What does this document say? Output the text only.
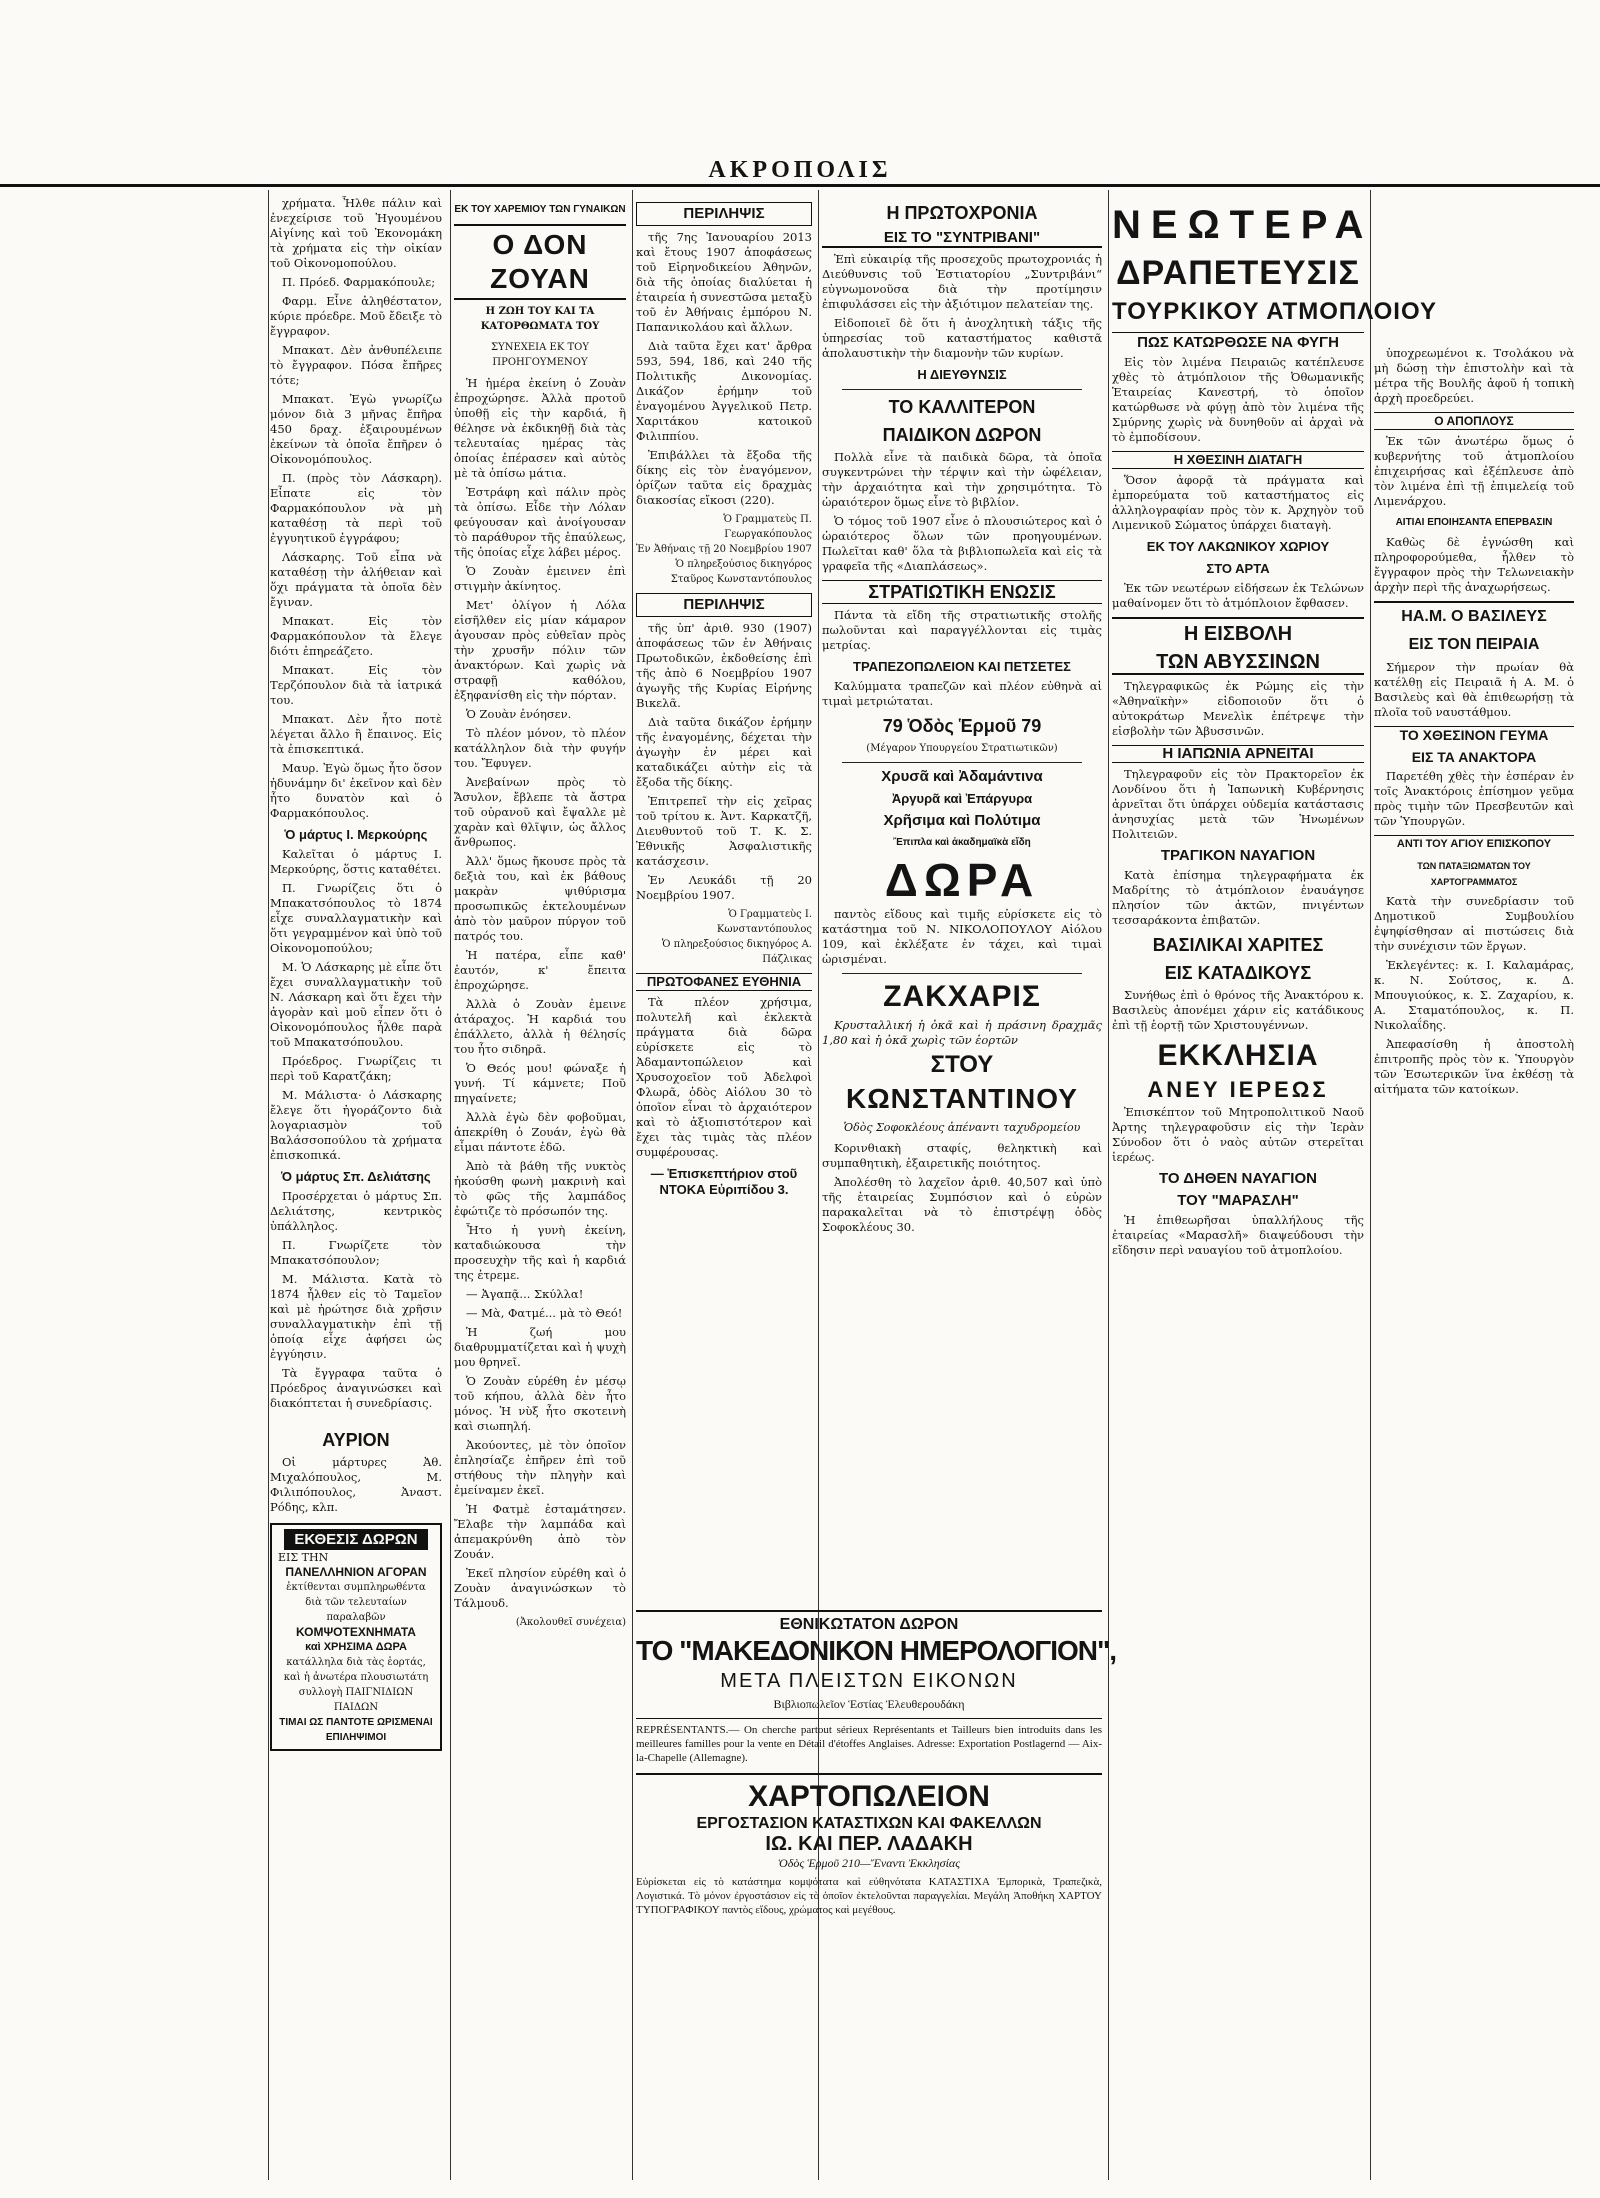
ΑΚΡΟΠΟΛΙΣ

χρήματα. Ἦλθε πάλιν καὶ ἐνεχείρισε τοῦ Ἡγουμένου Αἰγίνης καὶ τοῦ Ἐκονομάκη τὰ χρήματα εἰς τὴν οἰκίαν τοῦ Οἰκονομοπούλου.

Π. Πρόεδ. Φαρμακόπουλε;

Φαρμ. Εἶνε ἀληθέστατον, κύριε πρόεδρε. Μοῦ ἔδειξε τὸ ἔγγραφον.

Μπακατ. Δὲν ἀνθυπέλειπε τὸ ἔγγραφον. Πόσα ἔπῆρες τότε;

Μπακατ. Ἐγὼ γνωρίζω μόνον διὰ 3 μῆνας ἔπῆρα 450 δραχ. ἐξαιρουμένων ἐκείνων τὰ ὁποῖα ἔπῆρεν ὁ Οἰκονομόπουλος.

Π. (πρὸς τὸν Λάσκαρη). Εἶπατε εἰς τὸν Φαρμακόπουλον νὰ μὴ καταθέσῃ τὰ περὶ τοῦ ἐγγυητικοῦ ἐγγράφου;

Λάσκαρης. Τοῦ εἶπα νὰ καταθέσῃ τὴν ἀλήθειαν καὶ ὅχι πράγματα τὰ ὁποῖα δὲν ἔγιναν.

Μπακατ. Εἰς τὸν Φαρμακόπουλον τὰ ἔλεγε διότι ἐπηρεάζετο.

Μπακατ. Εἰς τὸν Τερζόπουλον διὰ τὰ ἰατρικά του.

Μπακατ. Δὲν ἦτο ποτὲ λέγεται ἄλλο ἢ ἔπαινος. Εἰς τὰ ἐπισκεπτικά.

Μαυρ. Ἐγὼ ὅμως ἦτο ὅσον ἠδυνάμην δι' ἐκεῖνον καὶ δὲν ἦτο δυνατὸν καὶ ὁ Φαρμακόπουλος.

Ὁ μάρτυς Ι. Μερκούρης

Καλεῖται ὁ μάρτυς Ι. Μερκούρης, ὅστις καταθέτει.

Π. Γνωρίζεις ὅτι ὁ Μπακατσόπουλος τὸ 1874 εἶχε συναλλαγματικὴν καὶ ὅτι γεγραμμένον καὶ ὑπὸ τοῦ Οἰκονομοπούλου;

Μ. Ὁ Λάσκαρης μὲ εἶπε ὅτι ἔχει συναλλαγματικὴν τοῦ Ν. Λάσκαρη καὶ ὅτι ἔχει τὴν ἀγορὰν καὶ μοῦ εἶπεν ὅτι ὁ Οἰκονομόπουλος ἦλθε παρὰ τοῦ Μπακατσόπουλου.

Πρόεδρος. Γνωρίζεις τι περὶ τοῦ Καρατζάκη;

Μ. Μάλιστα· ὁ Λάσκαρης ἔλεγε ὅτι ἠγοράζοντο διὰ λογαριασμὸν τοῦ Βαλάσσοπούλου τὰ χρήματα ἐπισκοπικά.

Ὁ μάρτυς Σπ. Δελιάτσης

Προσέρχεται ὁ μάρτυς Σπ. Δελιάτσης, κεντρικὸς ὑπάλληλος.

Π. Γνωρίζετε τὸν Μπακατσόπουλον;

Μ. Μάλιστα. Κατὰ τὸ 1874 ἦλθεν εἰς τὸ Ταμεῖον καὶ μὲ ἠρώτησε διὰ χρῆσιν συναλλαγματικὴν ἐπὶ τῇ ὁποίᾳ εἶχε ἀφήσει ὡς ἐγγύησιν.

Τὰ ἔγγραφα ταῦτα ὁ Πρόεδρος ἀναγινώσκει καὶ διακόπτεται ἡ συνεδρίασις.

ΑΥΡΙΟΝ

Οἱ μάρτυρες Ἀθ. Μιχαλόπουλος, Μ. Φιλιπόπουλος, Ἀναστ. Ρόδης, κλπ.

ΕΚΘΕΣΙΣ ΔΩΡΩΝ
ΕΙΣ ΤΗΝ
ΠΑΝΕΛΛΗΝΙΟΝ ΑΓΟΡΑΝ
ἐκτίθενται συμπληρωθέντα διὰ τῶν τελευταίων παραλαβῶν
ΚΟΜΨΟΤΕΧΝΗΜΑΤΑ
καὶ ΧΡΗΣΙΜΑ ΔΩΡΑ
κατάλληλα διὰ τὰς ἑορτάς, καὶ ἡ ἀνωτέρα πλουσιωτάτη συλλογὴ ΠΑΙΓΝΙΔΙΩΝ ΠΑΙΔΩΝ
ΤΙΜΑΙ ΩΣ ΠΑΝΤΟΤΕ ΩΡΙΣΜΕΝΑΙ ΕΠΙΛΗΨΙΜΟΙ
ΕΚ ΤΟΥ ΧΑΡΕΜΙΟΥ ΤΩΝ ΓΥΝΑΙΚΩΝ
Ο ΔΟΝ ΖΟΥΑΝ
Η ΖΩΗ ΤΟΥ ΚΑΙ ΤΑ ΚΑΤΟΡΘΩΜΑΤΑ ΤΟΥ
ΣΥΝΕΧΕΙΑ ΕΚ ΤΟΥ ΠΡΟΗΓΟΥΜΕΝΟΥ

Ἡ ἡμέρα ἐκείνη ὁ Ζουὰν ἐπροχώρησε. Ἀλλὰ προτοῦ ὑποθῇ εἰς τὴν καρδιά, ἢ θέλησε νὰ ἐκδικηθῇ διὰ τὰς τελευταίας ημέρας τὰς ὁποίας ἐπέρασεν καὶ αὐτὸς μὲ τὰ ὀπίσω μάτια.

Ἐστράφη καὶ πάλιν πρὸς τὰ ὀπίσω. Εἶδε τὴν Λόλαν φεύγουσαν καὶ ἀνοίγουσαν τὸ παράθυρον τῆς ἐπαύλεως, τῆς ὁποίας εἶχε λάβει μέρος.

Ὁ Ζουὰν ἐμεινεν ἐπὶ στιγμὴν ἀκίνητος.

Μετ' ὀλίγον ἡ Λόλα εἰσῆλθεν εἰς μίαν κάμαρον ἀγουσαν πρὸς εὐθεῖαν πρὸς τὴν χρυσῆν πόλιν τῶν ἀνακτόρων. Καὶ χωρὶς νὰ στραφῇ καθόλου, ἐξηφανίσθη εἰς τὴν πόρταν.

Ὁ Ζουὰν ἐνόησεν.

Τὸ πλέον μόνον, τὸ πλέον κατάλληλον διὰ τὴν φυγήν του. Ἔφυγεν.

Ἀνεβαίνων πρὸς τὸ Ἄσυλον, ἔβλεπε τὰ ἄστρα τοῦ οὐρανοῦ καὶ ἔψαλλε μὲ χαρὰν καὶ θλῖψιν, ὡς ἄλλος ἄνθρωπος.

Ἀλλ' ὅμως ἤκουσε πρὸς τὰ δεξιὰ του, καὶ ἐκ βάθους μακρὰν ψιθύρισμα προσωπικῶς ἐκτελουμένων ἀπὸ τὸν μαῦρον πύργον τοῦ πατρός του.

Ἡ πατέρα, εἶπε καθ' ἑαυτόν, κ' ἔπειτα ἐπροχώρησε.

Ἀλλὰ ὁ Ζουὰν ἐμεινε ἀτάραχος. Ἡ καρδιά του ἐπάλλετο, ἀλλὰ ἡ θέλησίς του ἦτο σιδηρᾶ.

Ὁ Θεός μου! φώναξε ἡ γυνή. Τί κάμνετε; Ποῦ πηγαίνετε;

Ἀλλὰ ἐγὼ δὲν φοβοῦμαι, ἀπεκρίθη ὁ Ζουάν, ἐγὼ θὰ εἶμαι πάντοτε ἐδῶ.

Ἀπὸ τὰ βάθη τῆς νυκτὸς ἠκούσθη φωνὴ μακρινὴ καὶ τὸ φῶς τῆς λαμπάδος ἐφώτιζε τὸ πρόσωπόν της.

Ἦτο ἡ γυνὴ ἐκείνη, καταδιώκουσα τὴν προσευχὴν τῆς καὶ ἡ καρδιά της ἐτρεμε.

— Ἀγαπᾷ... Σκύλλα!

— Μὰ, Φατμέ... μὰ τὸ Θεό!

Ἡ ζωή μου διαθρυμματίζεται καὶ ἡ ψυχὴ μου θρηνεῖ.

Ὁ Ζουὰν εὑρέθη ἐν μέσῳ τοῦ κήπου, ἀλλὰ δὲν ἦτο μόνος. Ἡ νὺξ ἦτο σκοτεινὴ καὶ σιωπηλή.

Ἀκούοντες, μὲ τὸν ὁποῖον ἐπλησίαζε ἐπῆρεν ἐπὶ τοῦ στήθους τὴν πληγὴν καὶ ἐμείναμεν ἐκεῖ.

Ἡ Φατμὲ ἐσταμάτησεν. Ἔλαβε τὴν λαμπάδα καὶ ἀπεμακρύνθη ἀπὸ τὸν Ζουάν.

Ἐκεῖ πλησίον εὑρέθη καὶ ὁ Ζουὰν ἀναγινώσκων τὸ Τάλμουδ.

(Ἀκολουθεῖ συνέχεια)
ΠΕΡΙΛΗΨΙΣ

τῆς 7ης Ἰανουαρίου 2013 καὶ ἔτους 1907 ἀποφάσεως τοῦ Εἰρηνοδικείου Ἀθηνῶν, διὰ τῆς ὁποίας διαλύεται ἡ ἑταιρεία ἡ συνεστῶσα μεταξὺ τοῦ ἐν Ἀθήναις ἐμπόρου Ν. Παπανικολάου καὶ ἄλλων.

Διὰ ταῦτα ἔχει κατ' ἄρθρα 593, 594, 186, καὶ 240 τῆς Πολιτικῆς Δικονομίας. Δικάζον ἐρήμην τοῦ ἐναγομένου Ἀγγελικοῦ Πετρ. Χαριτάκου κατοικοῦ Φιλιππίου.

Ἐπιβάλλει τὰ ἔξοδα τῆς δίκης εἰς τὸν ἐναγόμενον, ὁρίζων ταῦτα εἰς δραχμὰς διακοσίας εἴκοσι (220).

Ὁ Γραμματεὺς Π. Γεωργακόπουλος
Ἐν Ἀθήναις τῇ 20 Νοεμβρίου 1907
Ὁ πληρεξούσιος δικηγόρος Σταῦρος Κωνσταντόπουλος
ΠΕΡΙΛΗΨΙΣ

τῆς ὑπ' ἀριθ. 930 (1907) ἀποφάσεως τῶν ἐν Ἀθήναις Πρωτοδικῶν, ἐκδοθείσης ἐπὶ τῆς ἀπὸ 6 Νοεμβρίου 1907 ἀγωγῆς τῆς Κυρίας Εἰρήνης Βικελᾶ.

Διὰ ταῦτα δικάζον ἐρήμην τῆς ἐναγομένης, δέχεται τὴν ἀγωγὴν ἐν μέρει καὶ καταδικάζει αὐτὴν εἰς τὰ ἔξοδα τῆς δίκης.

Ἐπιτρεπεῖ τὴν εἰς χεῖρας τοῦ τρίτου κ. Ἀντ. Καρκατζῆ, Διευθυντοῦ τοῦ Τ. Κ. Σ. Ἐθνικῆς Ἀσφαλιστικῆς κατάσχεσιν.

Ἐν Λευκάδι τῇ 20 Νοεμβρίου 1907.

Ὁ Γραμματεὺς Ι. Κωνσταντόπουλος
Ὁ πληρεξούσιος δικηγόρος Α. Πάζλικας
ΠΡΩΤΟΦΑΝΕΣ ΕΥΘΗΝΙΑ

Τὰ πλέον χρήσιμα, πολυτελῆ καὶ ἐκλεκτὰ πράγματα διὰ δῶρα εὑρίσκετε εἰς τὸ Ἀδαμαντοπώλειον καὶ Χρυσοχοεῖον τοῦ Ἀδελφοὶ Φλωρᾶ, ὁδὸς Αἰόλου 30 τὸ ὁποῖον εἶναι τὸ ἀρχαιότερον καὶ τὸ ἀξιοπιστότερον καὶ ἔχει τὰς τιμὰς τὰς πλέον συμφέρουσας.

— Ἐπισκεπτήριον στοῦ ΝΤΟΚΑ Εὐριπίδου 3.
Η ΠΡΩΤΟΧΡΟΝΙΑ
ΕΙΣ ΤΟ "ΣΥΝΤΡΙΒΑΝΙ"

Ἐπὶ εὐκαιρίᾳ τῆς προσεχοῦς πρωτοχρονιάς ἡ Διεύθυνσις τοῦ Ἑστιατορίου „Συντριβάνι“ εὐγνωμονοῦσα διὰ τὴν προτίμησιν ἐπιφυλάσσει εἰς τὴν ἀξιότιμον πελατείαν της.

Εἰδοποιεῖ δὲ ὅτι ἡ ἀνοχλητικὴ τάξις τῆς ὑπηρεσίας τοῦ καταστήματος καθιστᾶ ἀπολαυστικὴν τὴν διαμονὴν τῶν κυρίων.

Η ΔΙΕΥΘΥΝΣΙΣ
ΤΟ ΚΑΛΛΙΤΕΡΟΝ
ΠΑΙΔΙΚΟΝ ΔΩΡΟΝ

Πολλὰ εἶνε τὰ παιδικὰ δῶρα, τὰ ὁποῖα συγκεντρώνει τὴν τέρψιν καὶ τὴν ὠφέλειαν, τὴν ἀρχαιότητα καὶ τὴν χρησιμότητα. Τὸ ὡραιότερον ὅμως εἶνε τὸ βιβλίον.

Ὁ τόμος τοῦ 1907 εἶνε ὁ πλουσιώτερος καὶ ὁ ὡραιότερος ὅλων τῶν προηγουμένων. Πωλεῖται καθ' ὅλα τὰ βιβλιοπωλεῖα καὶ εἰς τὰ γραφεῖα τῆς «Διαπλάσεως».

ΣΤΡΑΤΙΩΤΙΚΗ ΕΝΩΣΙΣ

Πάντα τὰ εἴδη τῆς στρατιωτικῆς στολῆς πωλοῦνται καὶ παραγγέλλονται εἰς τιμὰς μετρίας.

ΤΡΑΠΕΖΟΠΩΛΕΙΟΝ ΚΑΙ ΠΕΤΣΕΤΕΣ

Καλύμματα τραπεζῶν καὶ πλέον εὐθηνὰ αἱ τιμαὶ μετριώταται.

79 Ὁδὸς Ἑρμοῦ 79
(Μέγαρον Υπουργείου Στρατιωτικῶν)
Χρυσᾶ καὶ Ἀδαμάντινα
Ἀργυρᾶ καὶ Ἐπάργυρα
Χρῆσιμα καὶ Πολύτιμα
Ἔπιπλα καὶ ἀκαδημαϊκὰ εἴδη
ΔΩΡΑ

παντὸς εἴδους καὶ τιμῆς εὑρίσκετε εἰς τὸ κατάστημα τοῦ Ν. ΝΙΚΟΛΟΠΟΥΛΟΥ Αἰόλου 109, καὶ ἐκλέξατε ἐν τάχει, καὶ τιμαὶ ὡρισμέναι.

ΖΑΚΧΑΡΙΣ

Κρυσταλλική ἡ ὀκᾶ καὶ ἡ πράσινη δραχμᾶς 1,80 καὶ ἡ ὀκᾶ χωρὶς τῶν ἐορτῶν

ΣΤΟΥ
ΚΩΝΣΤΑΝΤΙΝΟΥ
Ὁδὸς Σοφοκλέους ἀπέναντι ταχυδρομείου

Κορινθιακὴ σταφίς, θεληκτικὴ καὶ συμπαθητικὴ, ἐξαιρετικῆς ποιότητος.

Ἀπολέσθη τὸ λαχεῖον ἀριθ. 40,507 καὶ ὑπὸ τῆς ἑταιρείας Συμπόσιον καὶ ὁ εὑρὼν παρακαλεῖται νὰ τὸ ἐπιστρέψῃ ὁδὸς Σοφοκλέους 30.

ΕΘΝΙΚΩΤΑΤΟΝ ΔΩΡΟΝ
ΤΟ "ΜΑΚΕΔΟΝΙΚΟΝ ΗΜΕΡΟΛΟΓΙΟΝ",
ΜΕΤΑ ΠΛΕΙΣΤΩΝ ΕΙΚΟΝΩΝ
Βιβλιοπωλεῖον Ἑστίας Ἐλευθερουδάκη
REPRÉSENTANTS.— On cherche partout sérieux Représentants et Tailleurs bien introduits dans les meilleures familles pour la vente en Détail d'étoffes Anglaises. Adresse: Exportation Postlagernd — Aix-la-Chapelle (Allemagne).
ΧΑΡΤΟΠΩΛΕΙΟΝ
ΕΡΓΟΣΤΑΣΙΟΝ ΚΑΤΑΣΤΙΧΩΝ ΚΑΙ ΦΑΚΕΛΛΩΝ
ΙΩ. ΚΑΙ ΠΕΡ. ΛΑΔΑΚΗ
Ὁδὸς Ἑρμοῦ 210—Ἔναντι Ἐκκλησίας
Εὑρίσκεται εἰς τὸ κατάστημα κομψότατα καὶ εὐθηνότατα ΚΑΤΑΣΤΙΧΑ Ἐμπορικὰ, Τραπεζικὰ, Λογιστικά. Τὸ μόνον ἐργοστάσιον εἰς τὸ ὁποῖον ἐκτελοῦνται παραγγελίαι. Μεγάλη Ἀποθήκη ΧΑΡΤΟΥ ΤΥΠΟΓΡΑΦΙΚΟΥ παντὸς εἴδους, χρώματος καὶ μεγέθους.
ΝΕΩΤΕΡΑ
ΔΡΑΠΕΤΕΥΣΙΣ
ΤΟΥΡΚΙΚΟΥ ΑΤΜΟΠΛΟΙΟΥ
ΠΩΣ ΚΑΤΩΡΘΩΣΕ ΝΑ ΦΥΓΗ

Εἰς τὸν λιμένα Πειραιῶς κατέπλευσε χθὲς τὸ ἀτμόπλοιον τῆς Ὀθωμανικῆς Ἑταιρείας Κανεστρή, τὸ ὁποῖον κατώρθωσε νὰ φύγῃ ἀπὸ τὸν λιμένα τῆς Σμύρνης χωρὶς νὰ δυνηθοῦν αἱ ἀρχαὶ νὰ τὸ ἐμποδίσουν.

Η ΧΘΕΣΙΝΗ ΔΙΑΤΑΓΗ

Ὅσον ἀφορᾷ τὰ πράγματα καὶ ἐμπορεύματα τοῦ καταστήματος εἰς ἀλληλογραφίαν πρὸς τὸν κ. Ἀρχηγὸν τοῦ Λιμενικοῦ Σώματος ὑπάρχει διαταγὴ.

ΕΚ ΤΟΥ ΛΑΚΩΝΙΚΟΥ ΧΩΡΙΟΥ
ΣΤΟ ΑΡΤΑ

Ἐκ τῶν νεωτέρων εἰδήσεων ἐκ Τελώνων μαθαίνομεν ὅτι τὸ ἀτμόπλοιον ἔφθασεν.

Η ΕΙΣΒΟΛΗ
ΤΩΝ ΑΒΥΣΣΙΝΩΝ

Τηλεγραφικῶς ἐκ Ρώμης εἰς τὴν «Ἀθηναϊκὴν» εἰδοποιοῦν ὅτι ὁ αὐτοκράτωρ Μενελὶκ ἐπέτρεψε τὴν εἰσβολὴν τῶν Ἀβυσσινῶν.

Η ΙΑΠΩΝΙΑ ΑΡΝΕΙΤΑΙ

Τηλεγραφοῦν εἰς τὸν Πρακτορεῖον ἐκ Λονδίνου ὅτι ἡ Ἰαπωνικὴ Κυβέρνησις ἀρνεῖται ὅτι ὑπάρχει οὐδεμία κατάστασις ἀνησυχίας μετὰ τῶν Ἡνωμένων Πολιτειῶν.

ΤΡΑΓΙΚΟΝ ΝΑΥΑΓΙΟΝ

Κατὰ ἐπίσημα τηλεγραφήματα ἐκ Μαδρίτης τὸ ἀτμόπλοιον ἐναυάγησε πλησίον τῶν ἀκτῶν, πνιγέντων τεσσαράκοντα ἐπιβατῶν.

ΒΑΣΙΛΙΚΑΙ ΧΑΡΙΤΕΣ
ΕΙΣ ΚΑΤΑΔΙΚΟΥΣ

Συνήθως ἐπὶ ὁ θρόνος τῆς Ἀνακτόρου κ. Βασιλεὺς ἀπονέμει χάριν εἰς κατάδικους ἐπὶ τῇ ἑορτῇ τῶν Χριστουγέννων.

ΕΚΚΛΗΣΙΑ
ΑΝΕΥ ΙΕΡΕΩΣ

Ἐπισκέπτον τοῦ Μητροπολιτικοῦ Ναοῦ Ἀρτης τηλεγραφοῦσιν εἰς τὴν Ἱερὰν Σύνοδον ὅτι ὁ ναὸς αὐτῶν στερεῖται ἱερέως.

ΤΟ ΔΗΘΕΝ ΝΑΥΑΓΙΟΝ
ΤΟΥ "ΜΑΡΑΣΛΗ"

Ἡ ἐπιθεωρῆσαι ὑπαλλήλους τῆς ἑταιρείας «Μαρασλῆ» διαψεύδουσι τὴν εἴδησιν περὶ ναυαγίου τοῦ ἀτμοπλοίου.

ὑποχρεωμένοι κ. Τσολάκου νὰ μὴ δώσῃ τὴν ἐπιστολὴν καὶ τὰ μέτρα τῆς Βουλῆς ἀφοῦ ἡ τοπικὴ ἀρχὴ προεδρεύει.

Ο ΑΠΟΠΛΟΥΣ

Ἐκ τῶν ἀνωτέρω ὅμως ὁ κυβερνήτης τοῦ ἀτμοπλοίου ἐπιχειρήσας καὶ ἐξέπλευσε ἀπὸ τὸν λιμένα ἐπὶ τῇ ἐπιμελείᾳ τοῦ Λιμενάρχου.

ΑΙΤΙΑΙ ΕΠΟΙΗΣΑΝΤΑ ΕΠΕΡΒΑΣΙΝ

Καθὼς δὲ ἐγνώσθη καὶ πληροφορούμεθα, ἦλθεν τὸ ἔγγραφον πρὸς τὴν Τελωνειακὴν ἀρχὴν περὶ τῆς ἀναχωρήσεως.

ΗΑ.Μ. Ο ΒΑΣΙΛΕΥΣ
ΕΙΣ ΤΟΝ ΠΕΙΡΑΙΑ

Σήμερον τὴν πρωίαν θὰ κατέλθῃ εἰς Πειραιᾶ ἡ Α. Μ. ὁ Βασιλεὺς καὶ θὰ ἐπιθεωρήσῃ τὰ πλοῖα τοῦ ναυστάθμου.

ΤΟ ΧΘΕΣΙΝΟΝ ΓΕΥΜΑ
ΕΙΣ ΤΑ ΑΝΑΚΤΟΡΑ

Παρετέθη χθὲς τὴν ἑσπέραν ἐν τοῖς Ἀνακτόροις ἐπίσημον γεῦμα πρὸς τιμὴν τῶν Πρεσβευτῶν καὶ τῶν Ὑπουργῶν.

ΑΝΤΙ ΤΟΥ ΑΓΙΟΥ ΕΠΙΣΚΟΠΟΥ
ΤΩΝ ΠΑΤΑΞΙΩΜΑΤΩΝ ΤΟΥ ΧΑΡΤΟΓΡΑΜΜΑΤΟΣ

Κατὰ τὴν συνεδρίασιν τοῦ Δημοτικοῦ Συμβουλίου ἐψηφίσθησαν αἱ πιστώσεις διὰ τὴν συνέχισιν τῶν ἔργων.

Ἐκλεγέντες: κ. Ι. Καλαμάρας, κ. Ν. Σούτσος, κ. Δ. Μπουγιούκος, κ. Σ. Ζαχαρίου, κ. Α. Σταματόπουλος, κ. Π. Νικολαΐδης.

Ἀπεφασίσθη ἡ ἀποστολὴ ἐπιτροπῆς πρὸς τὸν κ. Ὑπουργὸν τῶν Ἐσωτερικῶν ἵνα ἐκθέσῃ τὰ αἰτήματα τῶν κατοίκων.
